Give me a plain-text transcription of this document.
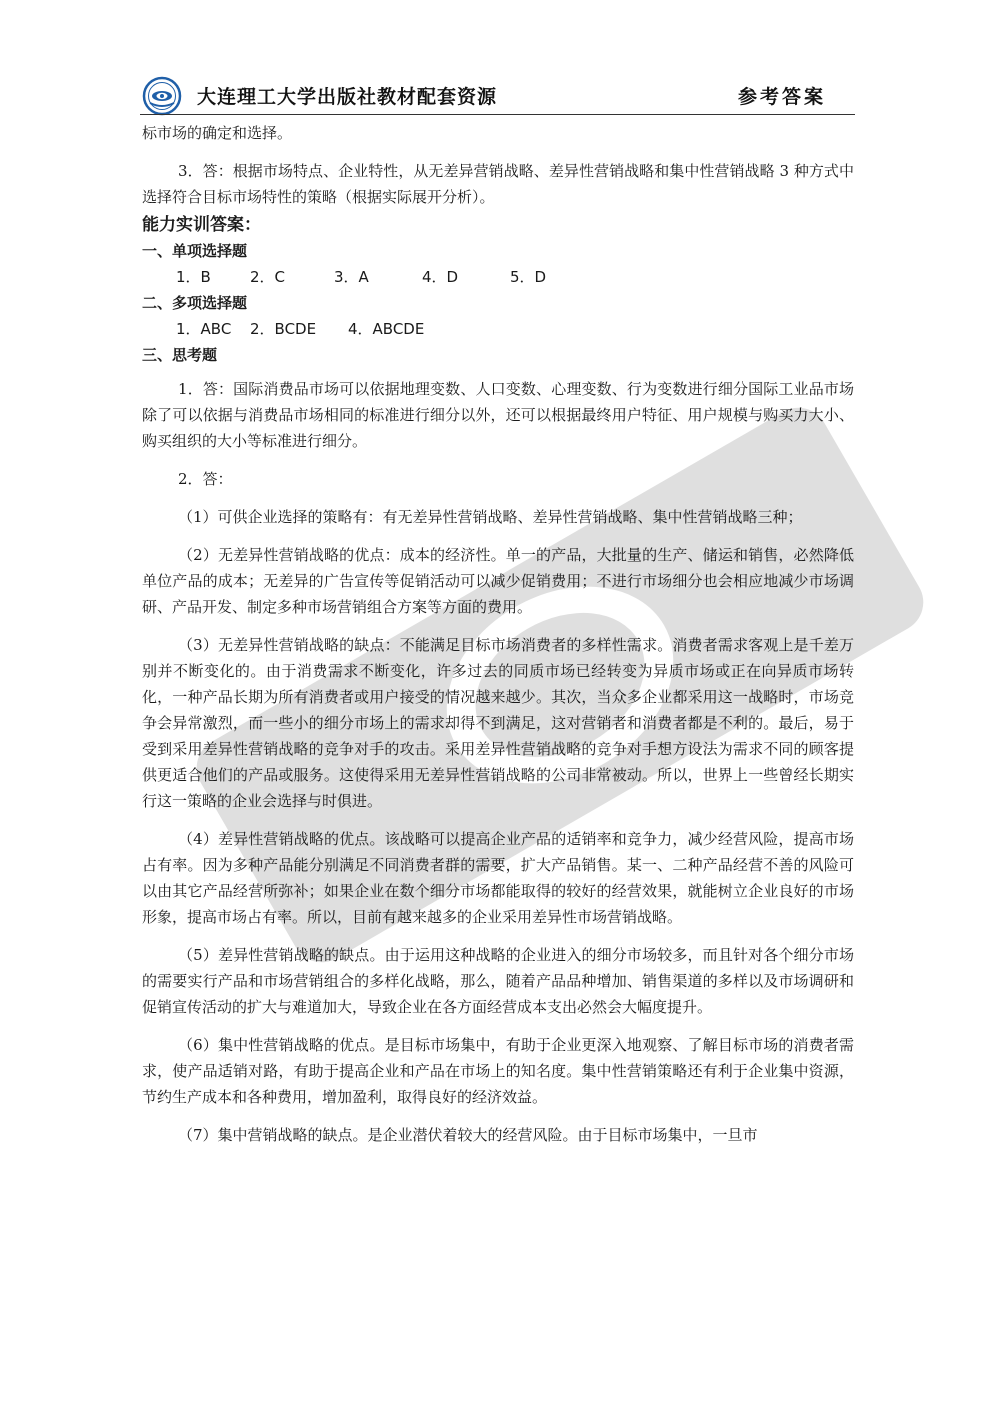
大连理工大学出版社教材配套资源	参考答案

标市场的确定和选择。

3．答：根据市场特点、企业特性，从无差异营销战略、差异性营销战略和集中性营销战略 3 种方式中选择符合目标市场特性的策略（根据实际展开分析）。

能力实训答案：
一、单项选择题
1．B	2．C	3．A	4．D	5．D
二、多项选择题
1．ABC 2．BCDE 4．ABCDE
三、思考题

1．答：国际消费品市场可以依据地理变数、人口变数、心理变数、行为变数进行细分国际工业品市场除了可以依据与消费品市场相同的标准进行细分以外，还可以根据最终用户特征、用户规模与购买力大小、购买组织的大小等标准进行细分。

2．答：

（1）可供企业选择的策略有：有无差异性营销战略、差异性营销战略、集中性营销战略三种；

（2）无差异性营销战略的优点：成本的经济性。单一的产品，大批量的生产、储运和销售，必然降低单位产品的成本；无差异的广告宣传等促销活动可以减少促销费用；不进行市场细分也会相应地减少市场调研、产品开发、制定多种市场营销组合方案等方面的费用。

（3）无差异性营销战略的缺点：不能满足目标市场消费者的多样性需求。消费者需求客观上是千差万别并不断变化的。由于消费需求不断变化，许多过去的同质市场已经转变为异质市场或正在向异质市场转化，一种产品长期为所有消费者或用户接受的情况越来越少。其次，当众多企业都采用这一战略时，市场竞争会异常激烈，而一些小的细分市场上的需求却得不到满足，这对营销者和消费者都是不利的。最后，易于受到采用差异性营销战略的竞争对手的攻击。采用差异性营销战略的竞争对手想方设法为需求不同的顾客提供更适合他们的产品或服务。这使得采用无差异性营销战略的公司非常被动。所以，世界上一些曾经长期实行这一策略的企业会选择与时俱进。

（4）差异性营销战略的优点。该战略可以提高企业产品的适销率和竞争力，减少经营风险，提高市场占有率。因为多种产品能分别满足不同消费者群的需要，扩大产品销售。某一、二种产品经营不善的风险可以由其它产品经营所弥补；如果企业在数个细分市场都能取得的较好的经营效果，就能树立企业良好的市场形象，提高市场占有率。所以，目前有越来越多的企业采用差异性市场营销战略。

（5）差异性营销战略的缺点。由于运用这种战略的企业进入的细分市场较多，而且针对各个细分市场的需要实行产品和市场营销组合的多样化战略，那么，随着产品品种增加、销售渠道的多样以及市场调研和促销宣传活动的扩大与难道加大，导致企业在各方面经营成本支出必然会大幅度提升。

（6）集中性营销战略的优点。是目标市场集中，有助于企业更深入地观察、了解目标市场的消费者需求，使产品适销对路，有助于提高企业和产品在市场上的知名度。集中性营销策略还有利于企业集中资源，节约生产成本和各种费用，增加盈利，取得良好的经济效益。

（7）集中营销战略的缺点。是企业潜伏着较大的经营风险。由于目标市场集中，一旦市
